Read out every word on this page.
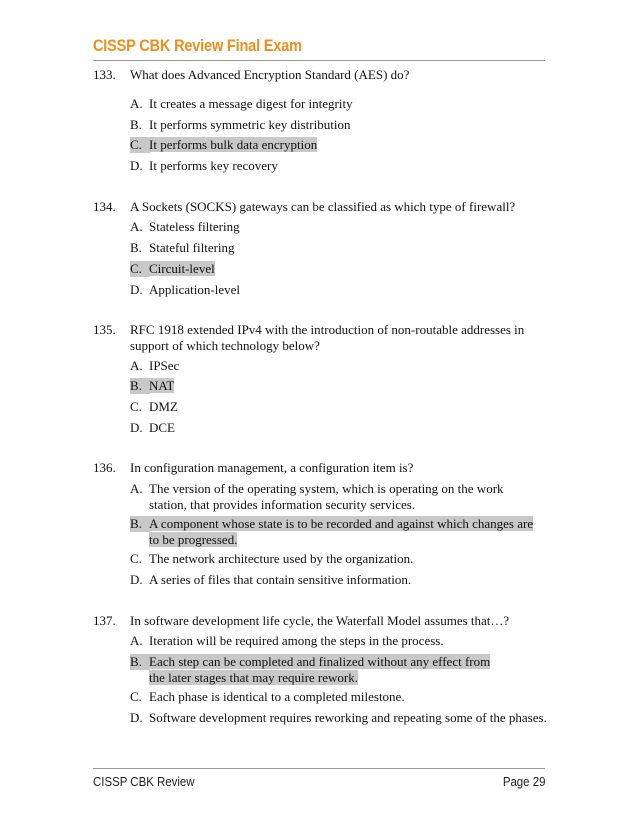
CISSP CBK Review Final Exam
133. What does Advanced Encryption Standard (AES) do?
A. It creates a message digest for integrity
B. It performs symmetric key distribution
C. It performs bulk data encryption
D. It performs key recovery
134. A Sockets (SOCKS) gateways can be classified as which type of firewall?
A. Stateless filtering
B. Stateful filtering
C. Circuit-level
D. Application-level
135. RFC 1918 extended IPv4 with the introduction of non-routable addresses in support of which technology below?
A. IPSec
B. NAT
C. DMZ
D. DCE
136. In configuration management, a configuration item is?
A. The version of the operating system, which is operating on the work station, that provides information security services.
B. A component whose state is to be recorded and against which changes are to be progressed.
C. The network architecture used by the organization.
D. A series of files that contain sensitive information.
137. In software development life cycle, the Waterfall Model assumes that…?
A. Iteration will be required among the steps in the process.
B. Each step can be completed and finalized without any effect from the later stages that may require rework.
C. Each phase is identical to a completed milestone.
D. Software development requires reworking and repeating some of the phases.
CISSP CBK Review	Page 29
